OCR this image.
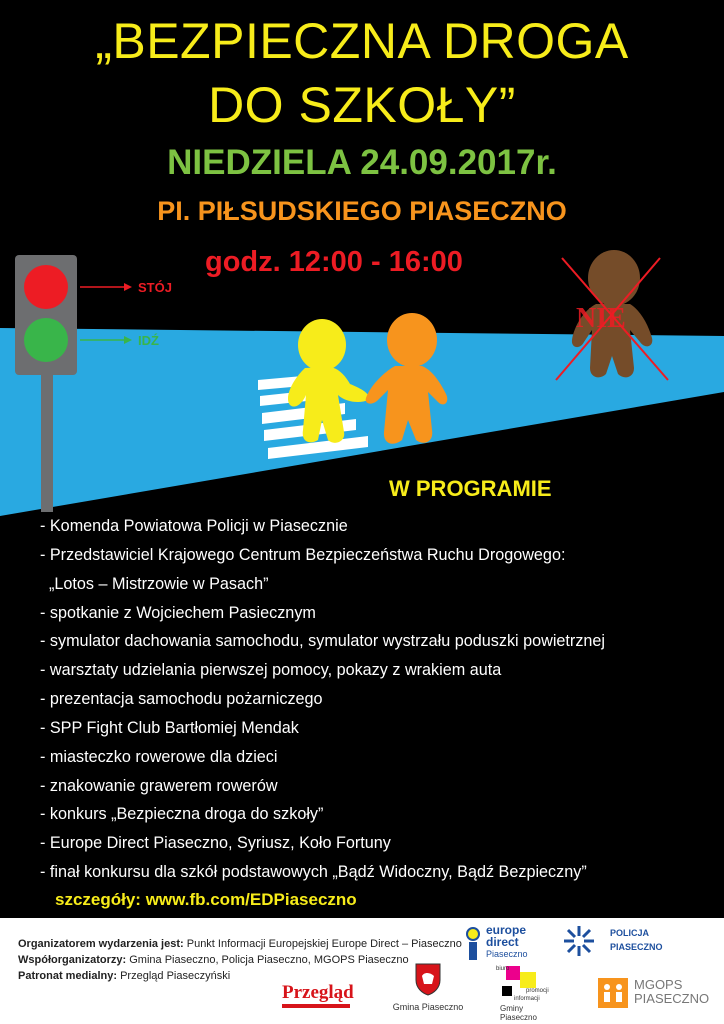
STÓJ
IDŹ
NIE
„BEZPIECZNA DROGA
DO SZKOŁY”
NIEDZIELA 24.09.2017r.
PI. PIŁSUDSKIEGO PIASECZNO
godz. 12:00 - 16:00
W PROGRAMIE
- Komenda Powiatowa Policji w Piasecznie
- Przedstawiciel Krajowego Centrum Bezpieczeństwa Ruchu Drogowego:
„Lotos – Mistrzowie w Pasach”
- spotkanie z Wojciechem Pasiecznym
- symulator dachowania samochodu, symulator wystrzału poduszki powietrznej
- warsztaty udzielania pierwszej pomocy, pokazy z wrakiem auta
- prezentacja samochodu pożarniczego
- SPP Fight Club Bartłomiej Mendak
- miasteczko rowerowe dla dzieci
- znakowanie grawerem rowerów
- konkurs „Bezpieczna droga do szkoły”
- Europe Direct Piaseczno, Syriusz, Koło Fortuny
- finał konkursu dla szkół podstawowych „Bądź Widoczny, Bądź Bezpieczny”
szczegóły: www.fb.com/EDPiaseczno
Organizatorem wydarzenia jest: Punkt Informacji Europejskiej Europe Direct – Piaseczno
Współorganizatorzy: Gmina Piaseczno, Policja Piaseczno, MGOPS Piaseczno
Patronat medialny: Przegląd Piaseczyński
europe
direct
Piaseczno
POLICJA
PIASECZNO
Przegląd
Gmina Piaseczno
biuro
promocji
informacji
Gminy Piaseczno
MGOPS
PIASECZNO
